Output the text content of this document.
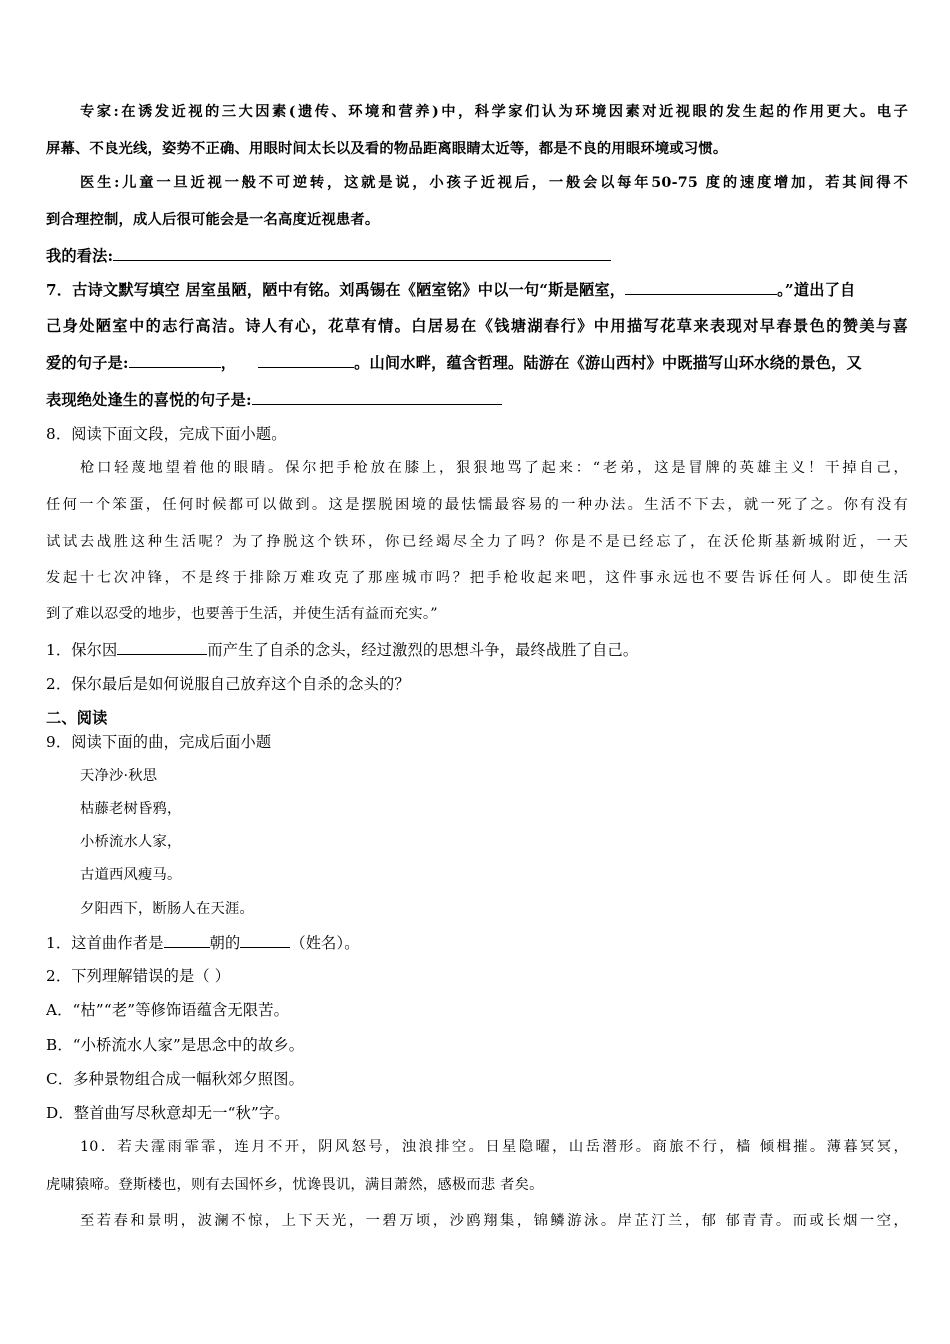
专家:在诱发近视的三大因素(遗传、环境和营养)中，科学家们认为环境因素对近视眼的发生起的作用更大。电子
屏幕、不良光线，姿势不正确、用眼时间太长以及看的物品距离眼睛太近等，都是不良的用眼环境或习惯。
医生:儿童一旦近视一般不可逆转，这就是说，小孩子近视后，一般会以每年50-75 度的速度增加，若其间得不
到合理控制，成人后很可能会是一名高度近视患者。
我的看法:
7．古诗文默写填空 居室虽陋，陋中有铭。刘禹锡在《陋室铭》中以一句“斯是陋室，	。”道出了自
己身处陋室中的志行高洁。诗人有心，花草有情。白居易在《钱塘湖春行》中用描写花草来表现对早春景色的赞美与喜
爱的句子是:	，	。山间水畔，蕴含哲理。陆游在《游山西村》中既描写山环水绕的景色，又
表现绝处逢生的喜悦的句子是:
8．阅读下面文段，完成下面小题。
枪口轻蔑地望着他的眼睛。保尔把手枪放在膝上，狠狠地骂了起来：“老弟，这是冒牌的英雄主义！干掉自己，
任何一个笨蛋，任何时候都可以做到。这是摆脱困境的最怯懦最容易的一种办法。生活不下去，就一死了之。你有没有
试试去战胜这种生活呢？为了挣脱这个铁环，你已经竭尽全力了吗？你是不是已经忘了，在沃伦斯基新城附近，一天
发起十七次冲锋，不是终于排除万难攻克了那座城市吗？把手枪收起来吧，这件事永远也不要告诉任何人。即使生活
到了难以忍受的地步，也要善于生活，并使生活有益而充实。”
1．保尔因	而产生了自杀的念头，经过激烈的思想斗争，最终战胜了自己。
2．保尔最后是如何说服自己放弃这个自杀的念头的？
二、阅读
9．阅读下面的曲，完成后面小题
天净沙·秋思
枯藤老树昏鸦，
小桥流水人家，
古道西风瘦马。
夕阳西下，断肠人在天涯。
1．这首曲作者是	朝的	（姓名）。
2．下列理解错误的是（ ）
A．“枯”“老”等修饰语蕴含无限苦。
B．“小桥流水人家”是思念中的故乡。
C．多种景物组合成一幅秋郊夕照图。
D．整首曲写尽秋意却无一“秋”字。
10．若夫霪雨霏霏，连月不开，阴风怒号，浊浪排空。日星隐曜，山岳潜形。商旅不行，樯 倾楫摧。薄暮冥冥，
虎啸猿啼。登斯楼也，则有去国怀乡，忧谗畏讥，满目萧然，感极而悲 者矣。
至若春和景明，波澜不惊，上下天光，一碧万顷，沙鸥翔集，锦鳞游泳。岸芷汀兰，郁 郁青青。而或长烟一空，
